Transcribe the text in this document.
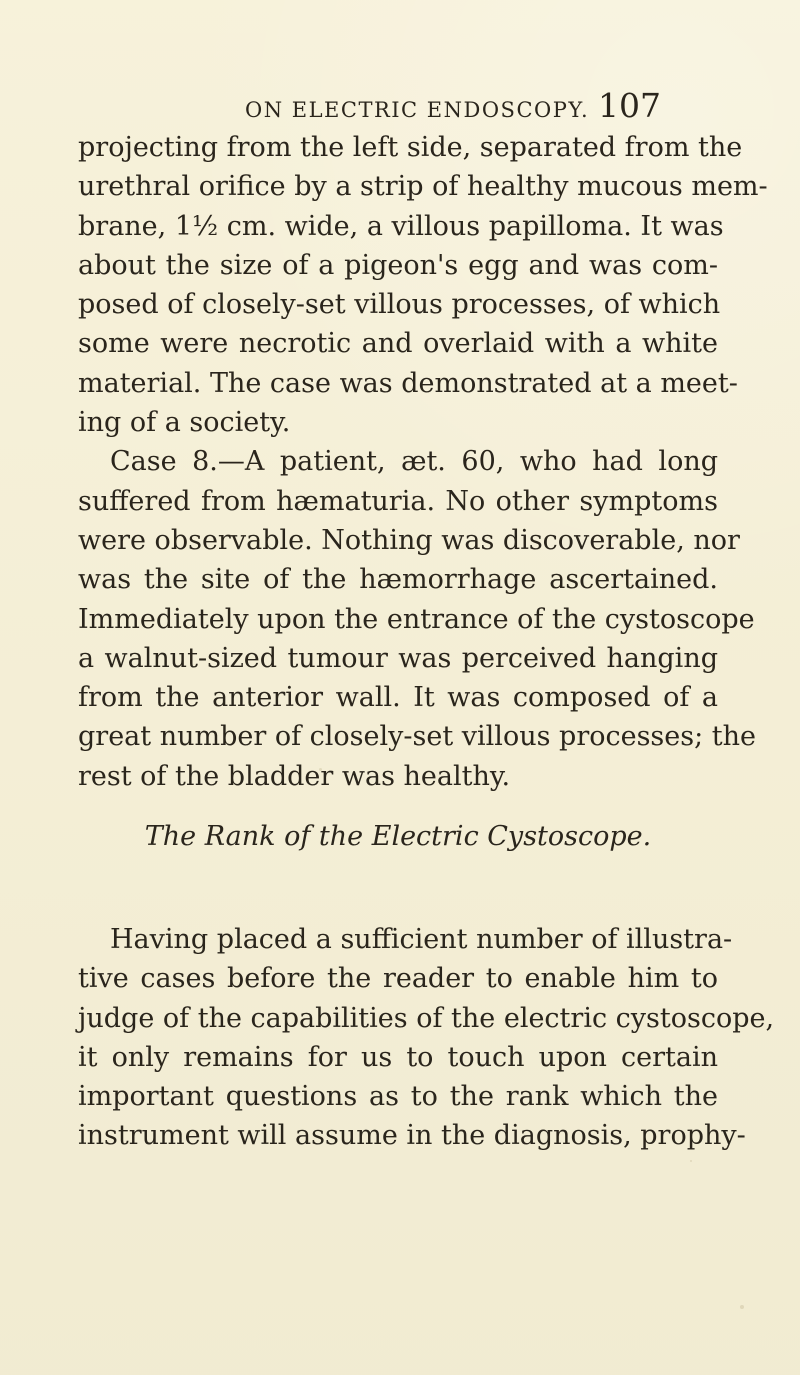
ON ELECTRIC ENDOSCOPY. 107
projecting from the left side, separated from the
urethral orifice by a strip of healthy mucous mem-
brane, 1½ cm. wide, a villous papilloma. It was
about the size of a pigeon's egg and was com-
posed of closely-set villous processes, of which
some were necrotic and overlaid with a white
material. The case was demonstrated at a meet-
ing of a society.
Case 8.—A patient, æt. 60, who had long
suffered from hæmaturia. No other symptoms
were observable. Nothing was discoverable, nor
was the site of the hæmorrhage ascertained.
Immediately upon the entrance of the cystoscope
a walnut-sized tumour was perceived hanging
from the anterior wall. It was composed of a
great number of closely-set villous processes; the
rest of the bladder was healthy.
The Rank of the Electric Cystoscope.
Having placed a sufficient number of illustra-
tive cases before the reader to enable him to
judge of the capabilities of the electric cystoscope,
it only remains for us to touch upon certain
important questions as to the rank which the
instrument will assume in the diagnosis, prophy-
